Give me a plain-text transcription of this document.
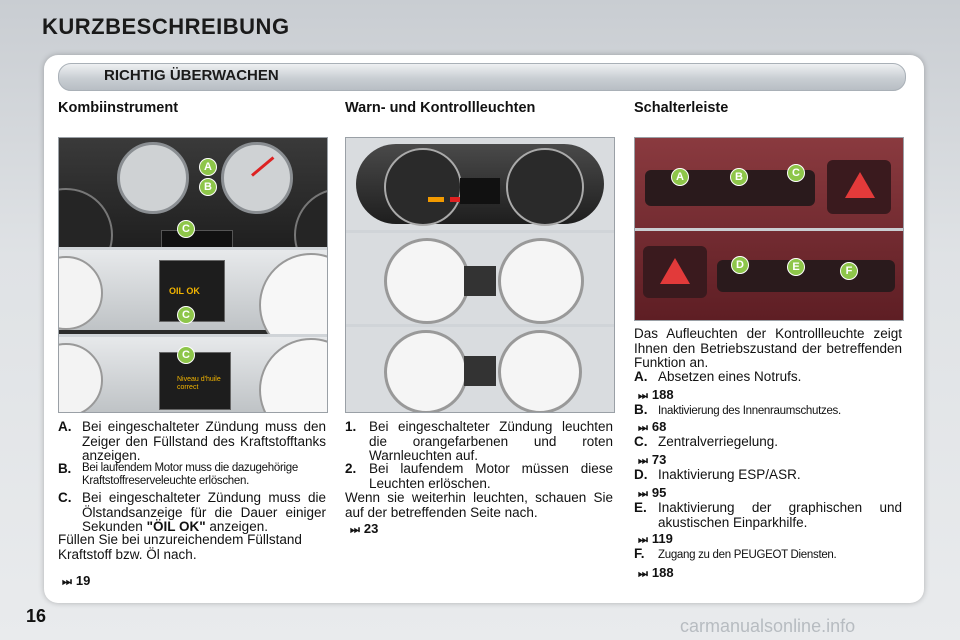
KURZBESCHREIBUNG
RICHTIG ÜBERWACHEN
Kombiinstrument	Warn- und Kontrollleuchten	Schalterleiste
A
B
C
OIL OK
C
Niveau d'huile correct
C
A. Bei eingeschalteter Zündung muss den Zeiger den Füllstand des Kraftstofftanks anzeigen.
B. Bei laufendem Motor muss die dazugehörige Kraftstoffreserveleuchte erlöschen.
C. Bei eingeschalteter Zündung muss die Ölstandsanzeige für die Dauer einiger Sekunden "ÖIL OK" anzeigen.
Füllen Sie bei unzureichendem Füllstand Kraftstoff bzw. Öl nach.
⏭ 19
1. Bei eingeschalteter Zündung leuchten die orangefarbenen und roten Warnleuchten auf.
2. Bei laufendem Motor müssen diese Leuchten erlöschen.
Wenn sie weiterhin leuchten, schauen Sie auf der betreffenden Seite nach.
⏭ 23
A	B	C
D	E	F
Das Aufleuchten der Kontrollleuchte zeigt Ihnen den Betriebszustand der betreffenden Funktion an.
A. Absetzen eines Notrufs.
⏭ 188
B. Inaktivierung des Innenraumschutzes.
⏭ 68
C. Zentralverriegelung.
⏭ 73
D. Inaktivierung ESP/ASR.
⏭ 95
E. Inaktivierung der graphischen und akustischen Einparkhilfe.
⏭ 119
F. Zugang zu den PEUGEOT Diensten.
⏭ 188
16	carmanualsonline.info
